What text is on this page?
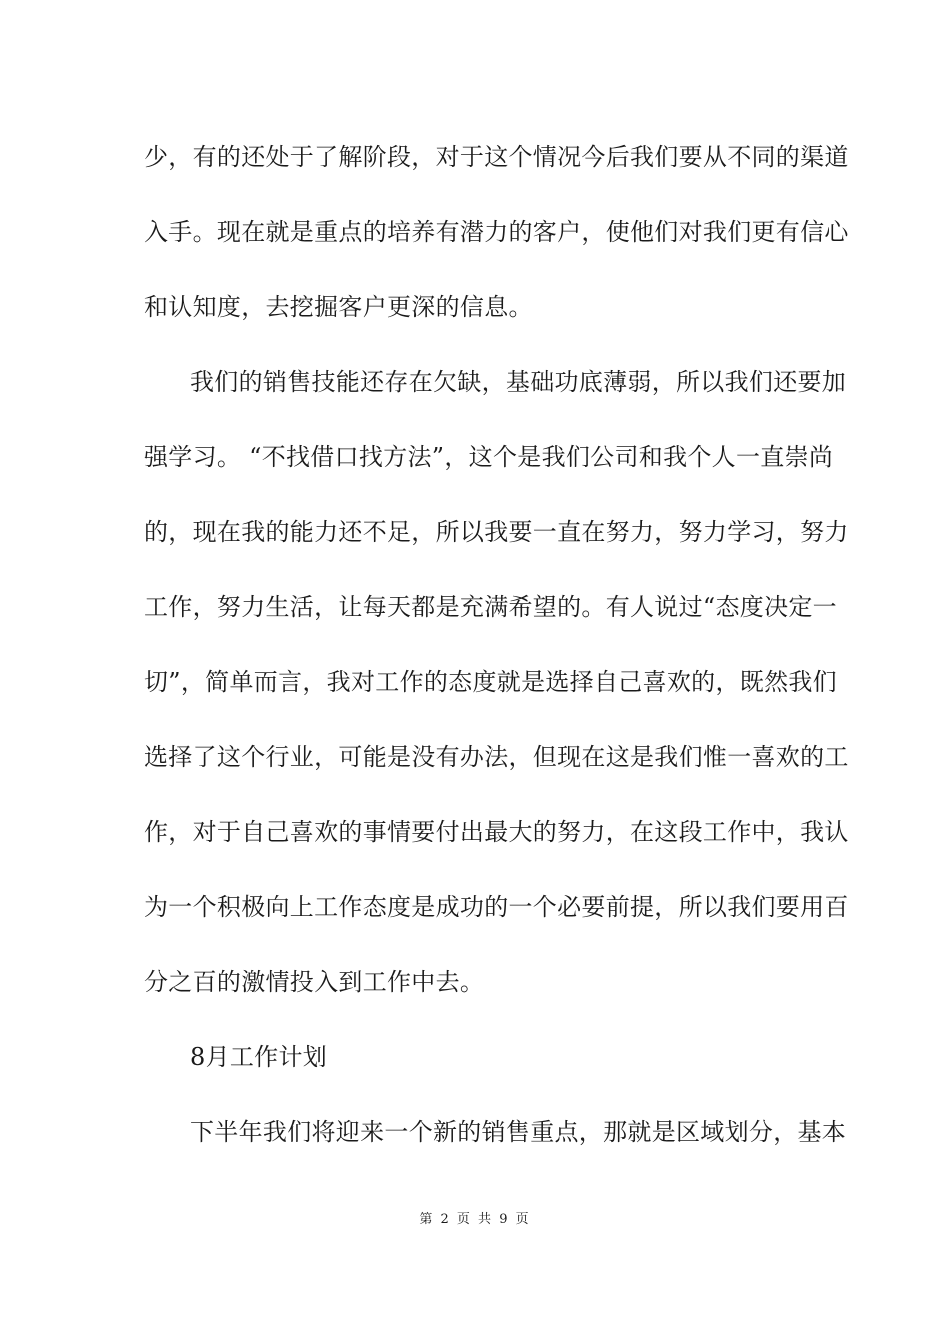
少，有的还处于了解阶段，对于这个情况今后我们要从不同的渠道
入手。现在就是重点的培养有潜力的客户，使他们对我们更有信心
和认知度，去挖掘客户更深的信息。
我们的销售技能还存在欠缺，基础功底薄弱，所以我们还要加
强学习。 “不找借口找方法”，这个是我们公司和我个人一直崇尚
的，现在我的能力还不足，所以我要一直在努力，努力学习，努力
工作，努力生活，让每天都是充满希望的。有人说过“态度决定一
切”，简单而言，我对工作的态度就是选择自己喜欢的，既然我们
选择了这个行业，可能是没有办法，但现在这是我们惟一喜欢的工
作，对于自己喜欢的事情要付出最大的努力，在这段工作中，我认
为一个积极向上工作态度是成功的一个必要前提，所以我们要用百
分之百的激情投入到工作中去。
8月工作计划
下半年我们将迎来一个新的销售重点，那就是区域划分，基本
第 2 页 共 9 页
